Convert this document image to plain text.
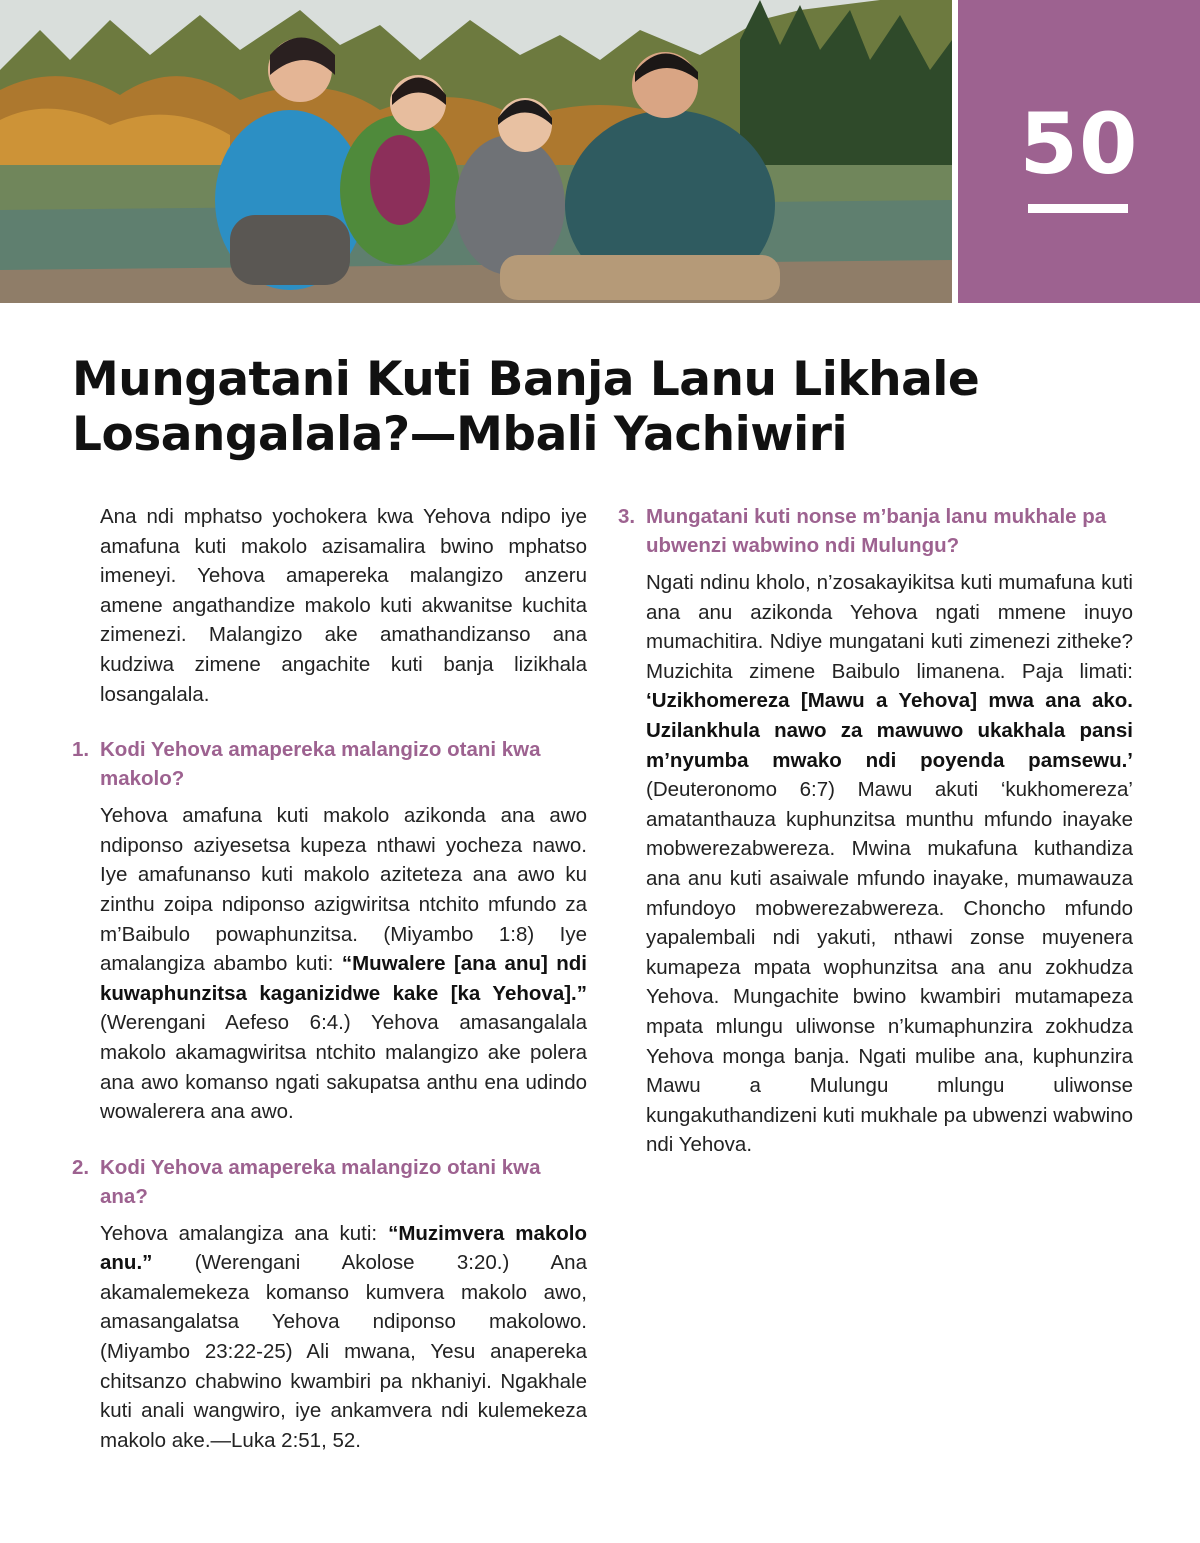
50
Mungatani Kuti Banja Lanu Likhale
Losangalala?—Mbali Yachiwiri

Ana ndi mphatso yochokera kwa Yehova ndipo iye amafuna kuti makolo azisamalira bwino mphatso imeneyi. Yehova amapereka malangizo anzeru amene angathandize makolo kuti akwanitse kuchita zimenezi. Malangizo ake amathandizanso ana kudziwa zimene angachite kuti banja lizikhala losangalala.

1. Kodi Yehova amapereka malangizo otani kwa makolo?

Yehova amafuna kuti makolo azikonda ana awo ndiponso aziyesetsa kupeza nthawi yocheza nawo. Iye amafunanso kuti makolo aziteteza ana awo ku zinthu zoipa ndiponso azigwiritsa ntchito mfundo za m’Baibulo powaphunzitsa. (Miyambo 1:8) Iye amalangiza abambo kuti: “Muwalere [ana anu] ndi kuwaphunzitsa kaganizidwe kake [ka Yehova].” (Werengani Aefeso 6:4.) Yehova amasangalala makolo akamagwiritsa ntchito malangizo ake polera ana awo komanso ngati sakupatsa anthu ena udindo wowalerera ana awo.

2. Kodi Yehova amapereka malangizo otani kwa ana?

Yehova amalangiza ana kuti: “Muzimvera makolo anu.” (Werengani Akolose 3:20.) Ana akamalemekeza komanso kumvera makolo awo, amasangalatsa Yehova ndiponso makolowo. (Miyambo 23:22-25) Ali mwana, Yesu anapereka chitsanzo chabwino kwambiri pa nkhaniyi. Ngakhale kuti anali wangwiro, iye ankamvera ndi kulemekeza makolo ake.—Luka 2:51, 52.

3. Mungatani kuti nonse m’banja lanu mukhale pa ubwenzi wabwino ndi Mulungu?

Ngati ndinu kholo, n’zosakayikitsa kuti mumafuna kuti ana anu azikonda Yehova ngati mmene inuyo mumachitira. Ndiye mungatani kuti zimenezi zitheke? Muzichita zimene Baibulo limanena. Paja limati: ‘Uzikhomereza [Mawu a Yehova] mwa ana ako. Uzilankhula nawo za mawuwo ukakhala pansi m’nyumba mwako ndi poyenda pamsewu.’ (Deuteronomo 6:7) Mawu akuti ‘kukhomereza’ amatanthauza kuphunzitsa munthu mfundo inayake mobwerezabwereza. Mwina mukafuna kuthandiza ana anu kuti asaiwale mfundo inayake, mumawauza mfundoyo mobwerezabwereza. Choncho mfundo yapalembali ndi yakuti, nthawi zonse muyenera kumapeza mpata wophunzitsa ana anu zokhudza Yehova. Mungachite bwino kwambiri mutamapeza mpata mlungu uliwonse n’kumaphunzira zokhudza Yehova monga banja. Ngati mulibe ana, kuphunzira Mawu a Mulungu mlungu uliwonse kungakuthandizeni kuti mukhale pa ubwenzi wabwino ndi Yehova.
